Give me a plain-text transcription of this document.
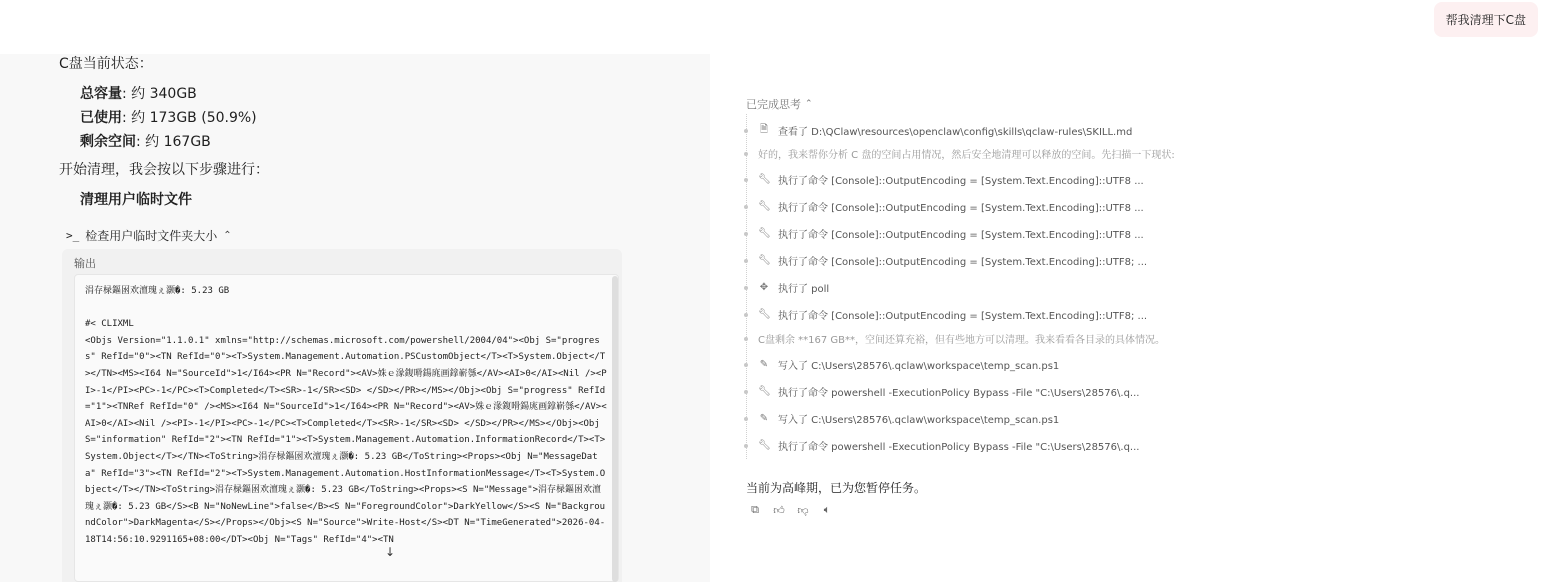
帮我清理下C盘
C盘当前状态：
总容量: 约 340GB
已使用: 约 173GB (50.9%)
剩余空间: 约 167GB
开始清理，我会按以下步骤进行：
清理用户临时文件
>_ 检查用户临时文件夹大小 ⌃
输出
涓存椂鏂囦欢澶瑰ぇ灏�: 5.23 GB

#< CLIXML
<Objs Version="1.1.0.1" xmlns="http://schemas.microsoft.com/powershell/2004/04"><Obj S="progress" RefId="0"><TN RefId="0"><T>System.Management.Automation.PSCustomObject</T><T>System.Object</T></TN><MS><I64 N="SourceId">1</I64><PR N="Record"><AV>姝ｅ湪鍑嗗鍚庣画鎿嶄綔</AV><AI>0</AI><Nil /><PI>-1</PI><PC>-1</PC><T>Completed</T><SR>-1</SR><SD> </SD></PR></MS></Obj><Obj S="progress" RefId="1"><TNRef RefId="0" /><MS><I64 N="SourceId">1</I64><PR N="Record"><AV>姝ｅ湪鍑嗗鍚庣画鎿嶄綔</AV><AI>0</AI><Nil /><PI>-1</PI><PC>-1</PC><T>Completed</T><SR>-1</SR><SD> </SD></PR></MS></Obj><Obj S="information" RefId="2"><TN RefId="1"><T>System.Management.Automation.InformationRecord</T><T>System.Object</T></TN><ToString>涓存椂鏂囦欢澶瑰ぇ灏�: 5.23 GB</ToString><Props><Obj N="MessageData" RefId="3"><TN RefId="2"><T>System.Management.Automation.HostInformationMessage</T><T>System.Object</T></TN><ToString>涓存椂鏂囦欢澶瑰ぇ灏�: 5.23 GB</ToString><Props><S N="Message">涓存椂鏂囦欢澶瑰ぇ灏�: 5.23 GB</S><B N="NoNewLine">false</B><S N="ForegroundColor">DarkYellow</S><S N="BackgroundColor">DarkMagenta</S></Props></Obj><S N="Source">Write-Host</S><DT N="TimeGenerated">2026-04-18T14:56:10.9291165+08:00</DT><Obj N="Tags" RefId="4"><TN
↓
已完成思考 ⌃
🗎 查看了 D:\QClaw\resources\openclaw\config\skills\qclaw-rules\SKILL.md
好的，我来帮你分析 C 盘的空间占用情况，然后安全地清理可以释放的空间。先扫描一下现状:
🔧︎ 执行了命令 [Console]::OutputEncoding = [System.Text.Encoding]::UTF8 ...
🔧︎ 执行了命令 [Console]::OutputEncoding = [System.Text.Encoding]::UTF8 ...
🔧︎ 执行了命令 [Console]::OutputEncoding = [System.Text.Encoding]::UTF8 ...
🔧︎ 执行了命令 [Console]::OutputEncoding = [System.Text.Encoding]::UTF8; ...
✥ 执行了 poll
🔧︎ 执行了命令 [Console]::OutputEncoding = [System.Text.Encoding]::UTF8; ...
C盘剩余 **167 GB**，空间还算充裕，但有些地方可以清理。我来看看各目录的具体情况。
✎ 写入了 C:\Users\28576\.qclaw\workspace\temp_scan.ps1
🔧︎ 执行了命令 powershell -ExecutionPolicy Bypass -File "C:\Users\28576\.q...
✎ 写入了 C:\Users\28576\.qclaw\workspace\temp_scan.ps1
🔧︎ 执行了命令 powershell -ExecutionPolicy Bypass -File "C:\Users\28576\.q...
当前为高峰期，已为您暂停任务。
⧉ 👍︎ 👎︎	🔈︎
